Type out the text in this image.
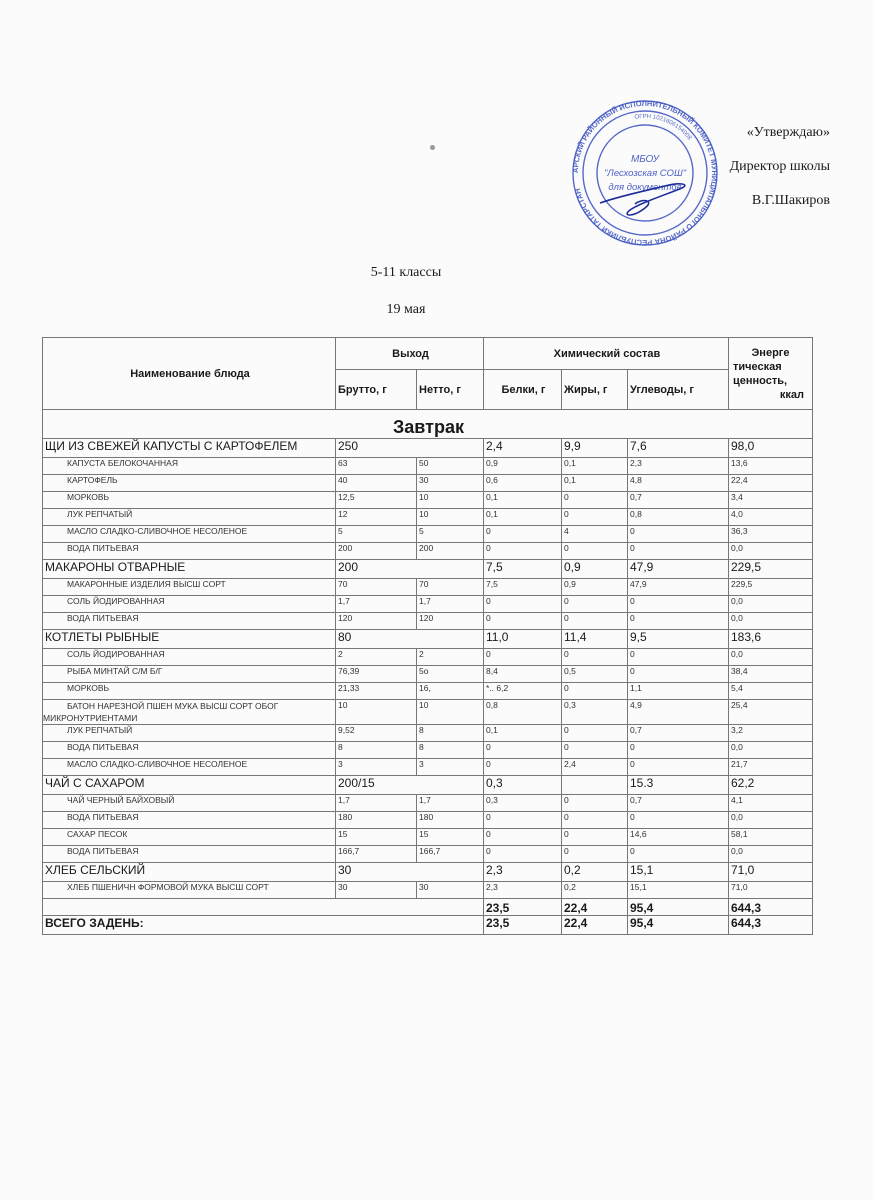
АРСКИЙ РАЙОННЫЙ ИСПОЛНИТЕЛЬНЫЙ КОМИТЕТ МУНИЦИПАЛЬНОГО РАЙОНА РЕСПУБЛИКИ ТАТАРСТАН
ОГРН 1021606154008
МБОУ
"Лесхозская СОШ"
для документов
«Утверждаю»
Директор школы
В.Г.Шакиров
5-11 классы
19 мая
Наименование блюда	Выход		Химический состав			Энерге
тическая
ценность,
ккал

	Брутто, г	Нетто, г	Белки, г	Жиры, г	Углеводы, г	
Завтрак						
ЩИ ИЗ СВЕЖЕЙ КАПУСТЫ С КАРТОФЕЛЕМ	250		2,4	9,9	7,6	98,0
КАПУСТА БЕЛОКОЧАННАЯ	63	50	0,9	0,1	2,3	13,6
КАРТОФЕЛЬ	40	30	0,6	0,1	4,8	22,4
МОРКОВЬ	12,5	10	0,1	0	0,7	3,4
ЛУК РЕПЧАТЫЙ	12	10	0,1	0	0,8	4,0
МАСЛО СЛАДКО-СЛИВОЧНОЕ НЕСОЛЕНОЕ	5	5	0	4	0	36,3
ВОДА ПИТЬЕВАЯ	200	200	0	0	0	0,0
МАКАРОНЫ ОТВАРНЫЕ	200		7,5	0,9	47,9	229,5
МАКАРОННЫЕ ИЗДЕЛИЯ ВЫСШ СОРТ	70	70	7,5	0,9	47,9	229,5
СОЛЬ ЙОДИРОВАННАЯ	1,7	1,7	0	0	0	0,0
ВОДА ПИТЬЕВАЯ	120	120	0	0	0	0,0
КОТЛЕТЫ РЫБНЫЕ	80		11,0	11,4	9,5	183,6
СОЛЬ ЙОДИРОВАННАЯ	2	2	0	0	0	0,0
РЫБА МИНТАЙ С/М Б/Г	76,39	5о	8,4	0,5	0	38,4
МОРКОВЬ	21,33	16,	*.. 6,2	0	1,1	5,4
БАТОН НАРЕЗНОЙ ПШЕН МУКА ВЫСШ СОРТ ОБОГ МИКРОНУТРИЕНТАМИ	10	10	0,8	0,3	4,9	25,4
ЛУК РЕПЧАТЫЙ	9,52	8	0,1	0	0,7	3,2
ВОДА ПИТЬЕВАЯ	8	8	0	0	0	0,0
МАСЛО СЛАДКО-СЛИВОЧНОЕ НЕСОЛЕНОЕ	3	3	0	2,4	0	21,7
ЧАЙ С САХАРОМ	200/15		0,3		15.3	62,2
ЧАЙ ЧЕРНЫЙ БАЙХОВЫЙ	1,7	1,7	0,3	0	0,7	4,1
ВОДА ПИТЬЕВАЯ	180	180	0	0	0	0,0
САХАР ПЕСОК	15	15	0	0	14,6	58,1
ВОДА ПИТЬЕВАЯ	166,7	166,7	0	0	0	0,0
ХЛЕБ СЕЛЬСКИЙ	30		2,3	0,2	15,1	71,0
ХЛЕБ ПШЕНИЧН ФОРМОВОЙ МУКА ВЫСШ СОРТ	30	30	2,3	0,2	15,1	71,0
			23,5	22,4	95,4	644,3
ВСЕГО ЗАДЕНЬ:			23,5	22,4	95,4	644,3
